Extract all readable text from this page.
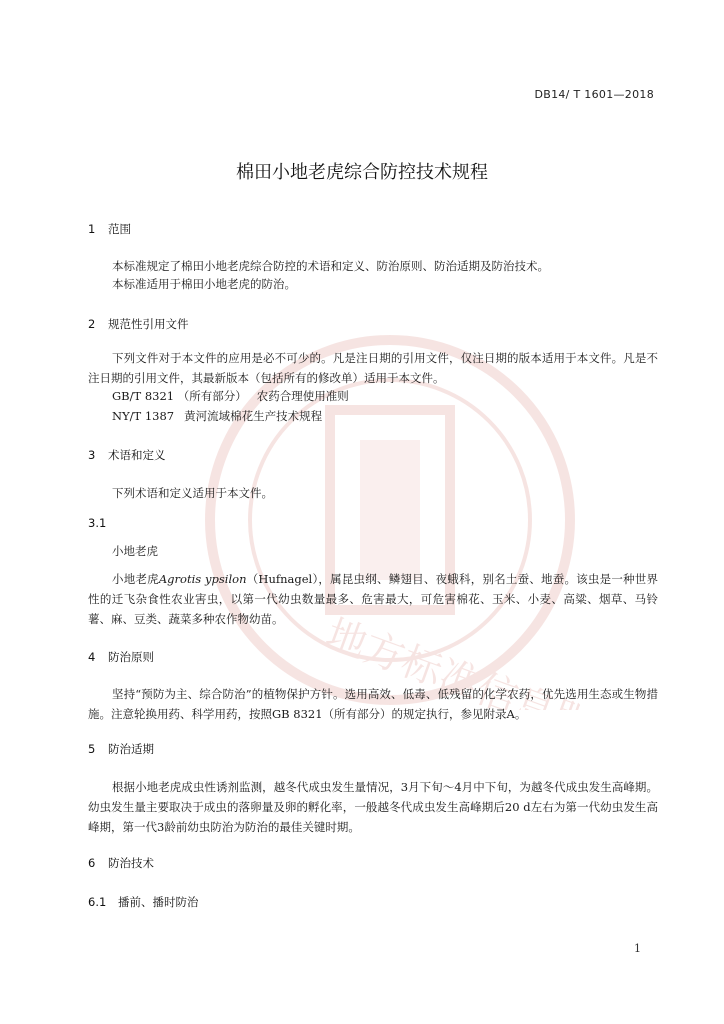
地方标准信息服务平台
DB14/ T 1601—2018
棉田小地老虎综合防控技术规程
1 范围
本标准规定了棉田小地老虎综合防控的术语和定义、防治原则、防治适期及防治技术。
本标准适用于棉田小地老虎的防治。
2 规范性引用文件
下列文件对于本文件的应用是必不可少的。凡是注日期的引用文件，仅注日期的版本适用于本文件。凡是不注日期的引用文件，其最新版本（包括所有的修改单）适用于本文件。
GB/T 8321 （所有部分） 农药合理使用准则
NY/T 1387 黄河流域棉花生产技术规程
3 术语和定义
下列术语和定义适用于本文件。
3.1
小地老虎
小地老虎Agrotis ypsilon（Hufnagel），属昆虫纲、鳞翅目、夜蛾科，别名土蚕、地蚕。该虫是一种世界性的迁飞杂食性农业害虫，以第一代幼虫数量最多、危害最大，可危害棉花、玉米、小麦、高粱、烟草、马铃薯、麻、豆类、蔬菜多种农作物幼苗。
4 防治原则
坚持“预防为主、综合防治”的植物保护方针。选用高效、低毒、低残留的化学农药，优先选用生态或生物措施。注意轮换用药、科学用药，按照GB 8321（所有部分）的规定执行，参见附录A。
5 防治适期
根据小地老虎成虫性诱剂监测，越冬代成虫发生量情况，3月下旬～4月中下旬，为越冬代成虫发生高峰期。幼虫发生量主要取决于成虫的落卵量及卵的孵化率，一般越冬代成虫发生高峰期后20 d左右为第一代幼虫发生高峰期，第一代3龄前幼虫防治为防治的最佳关键时期。
6 防治技术
6.1 播前、播时防治
1
